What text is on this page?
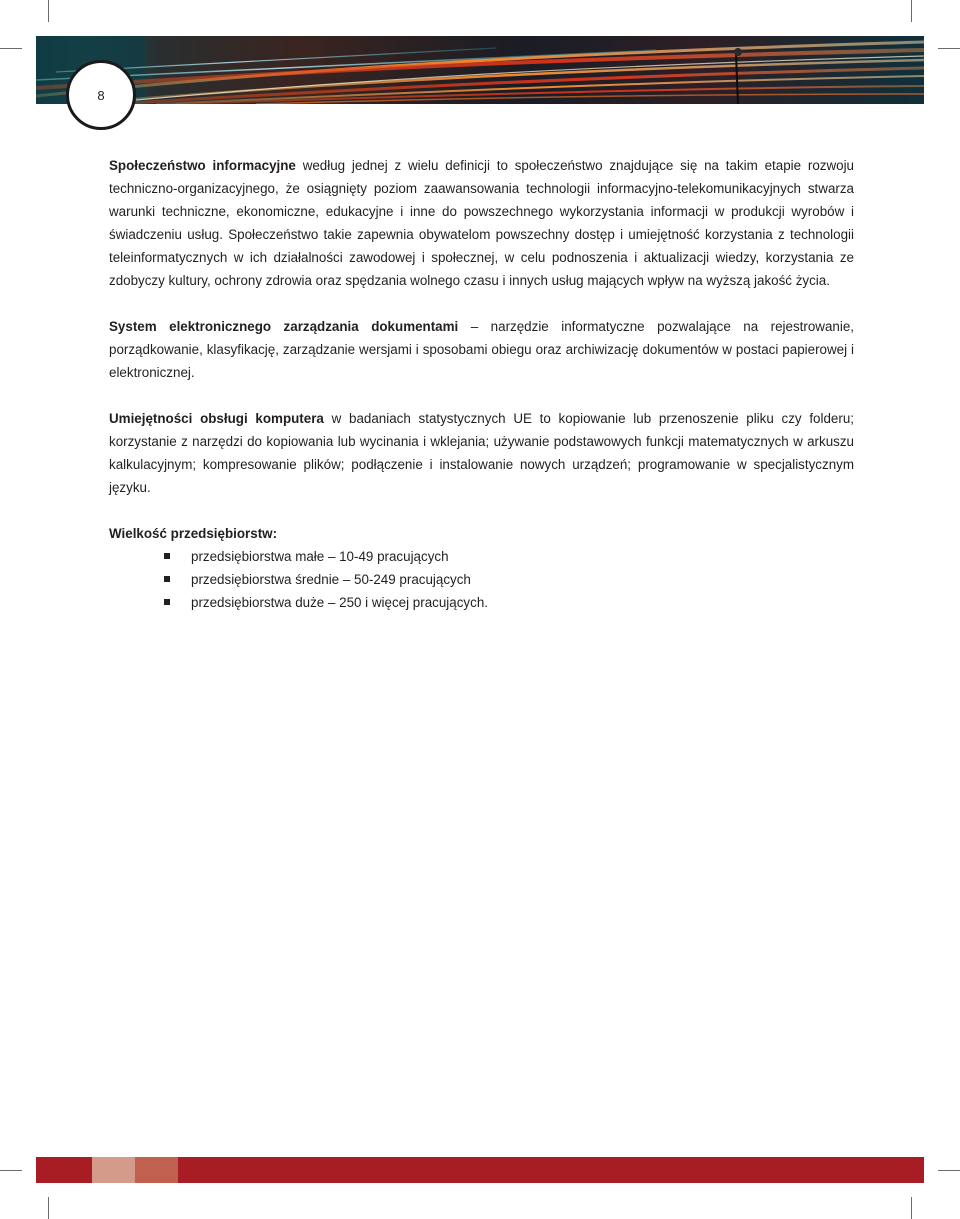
8

Społeczeństwo informacyjne według jednej z wielu definicji to społeczeństwo znajdujące się na takim etapie rozwoju techniczno-organizacyjnego, że osiągnięty poziom zaawansowania technologii informacyjno-telekomunikacyjnych stwarza warunki techniczne, ekonomiczne, edukacyjne i inne do powszechnego wykorzystania informacji w produkcji wyrobów i świadczeniu usług. Społeczeństwo takie zapewnia obywatelom powszechny dostęp i umiejętność korzystania z technologii teleinformatycznych w ich działalności zawodowej i społecznej, w celu podnoszenia i aktualizacji wiedzy, korzystania ze zdobyczy kultury, ochrony zdrowia oraz spędzania wolnego czasu i innych usług mających wpływ na wyższą jakość życia.

System elektronicznego zarządzania dokumentami – narzędzie informatyczne pozwalające na rejestrowanie, porządkowanie, klasyfikację, zarządzanie wersjami i sposobami obiegu oraz archiwizację dokumentów w postaci papierowej i elektronicznej.

Umiejętności obsługi komputera w badaniach statystycznych UE to kopiowanie lub przenoszenie pliku czy folderu; korzystanie z narzędzi do kopiowania lub wycinania i wklejania; używanie podstawowych funkcji matematycznych w arkuszu kalkulacyjnym; kompresowanie plików; podłączenie i instalowanie nowych urządzeń; programowanie w specjalistycznym języku.

Wielkość przedsiębiorstw:

przedsiębiorstwa małe – 10-49 pracujących
przedsiębiorstwa średnie – 50-249 pracujących
przedsiębiorstwa duże – 250 i więcej pracujących.
